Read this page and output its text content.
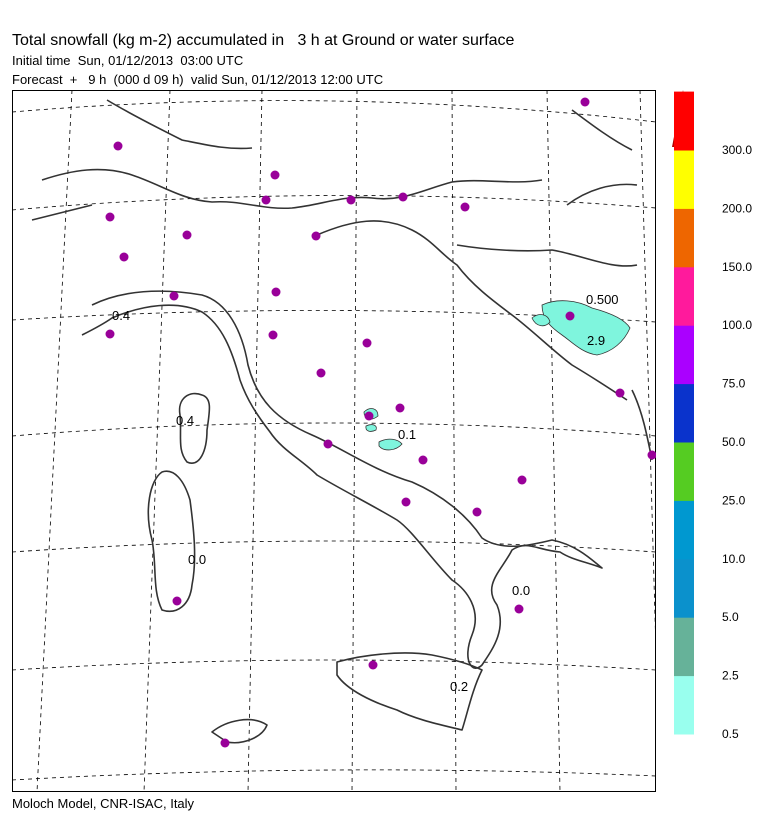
Total snowfall (kg m-2) accumulated in   3 h at Ground or water surface
Initial time  Sun, 01/12/2013  03:00 UTC
Forecast  +   9 h  (000 d 09 h)  valid Sun, 01/12/2013 12:00 UTC
0.4
0.500
2.9
0.4
0.1
0.0
0.0
0.2
0.5
2.5
5.0
10.0
25.0
50.0
75.0
100.0
150.0
200.0
300.0
Moloch Model, CNR-ISAC, Italy
